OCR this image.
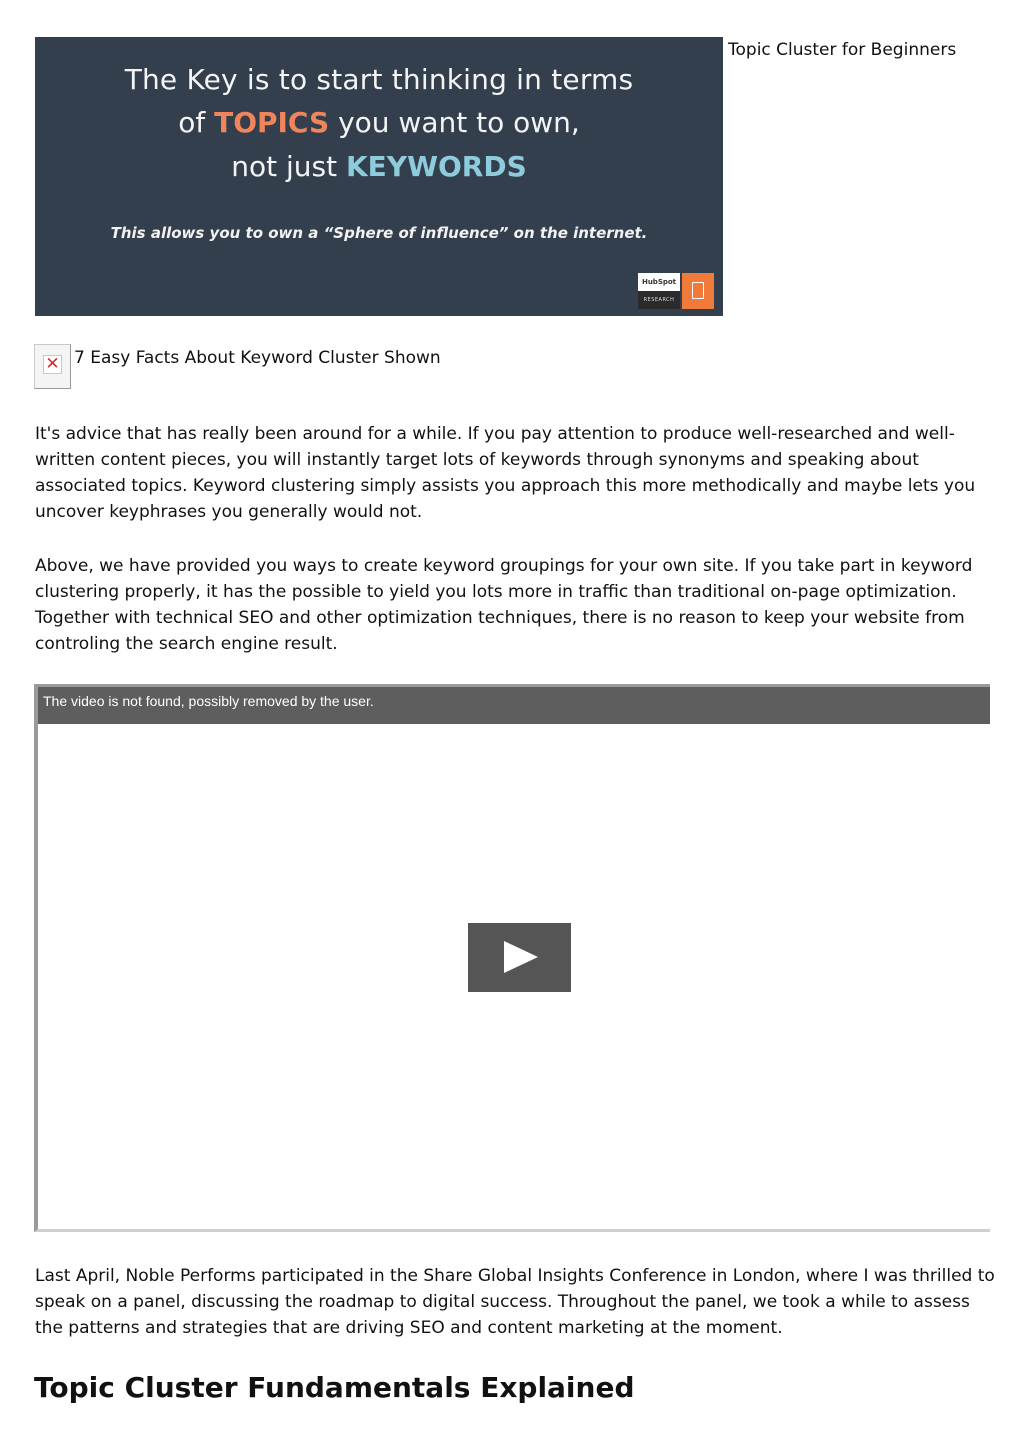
The Key is to start thinking in terms
of TOPICS you want to own,
not just KEYWORDS
This allows you to own a “Sphere of influence” on the internet.
HubSpot
RESEARCH
Topic Cluster for Beginners
✕ 7 Easy Facts About Keyword Cluster Shown

It's advice that has really been around for a while. If you pay attention to produce well-researched and well-written content pieces, you will instantly target lots of keywords through synonyms and speaking about associated topics. Keyword clustering simply assists you approach this more methodically and maybe lets you uncover keyphrases you generally would not.

Above, we have provided you ways to create keyword groupings for your own site. If you take part in keyword clustering properly, it has the possible to yield you lots more in traffic than traditional on-page optimization. Together with technical SEO and other optimization techniques, there is no reason to keep your website from controling the search engine result.

The video is not found, possibly removed by the user.

Last April, Noble Performs participated in the Share Global Insights Conference in London, where I was thrilled to speak on a panel, discussing the roadmap to digital success. Throughout the panel, we took a while to assess the patterns and strategies that are driving SEO and content marketing at the moment.

Topic Cluster Fundamentals Explained
